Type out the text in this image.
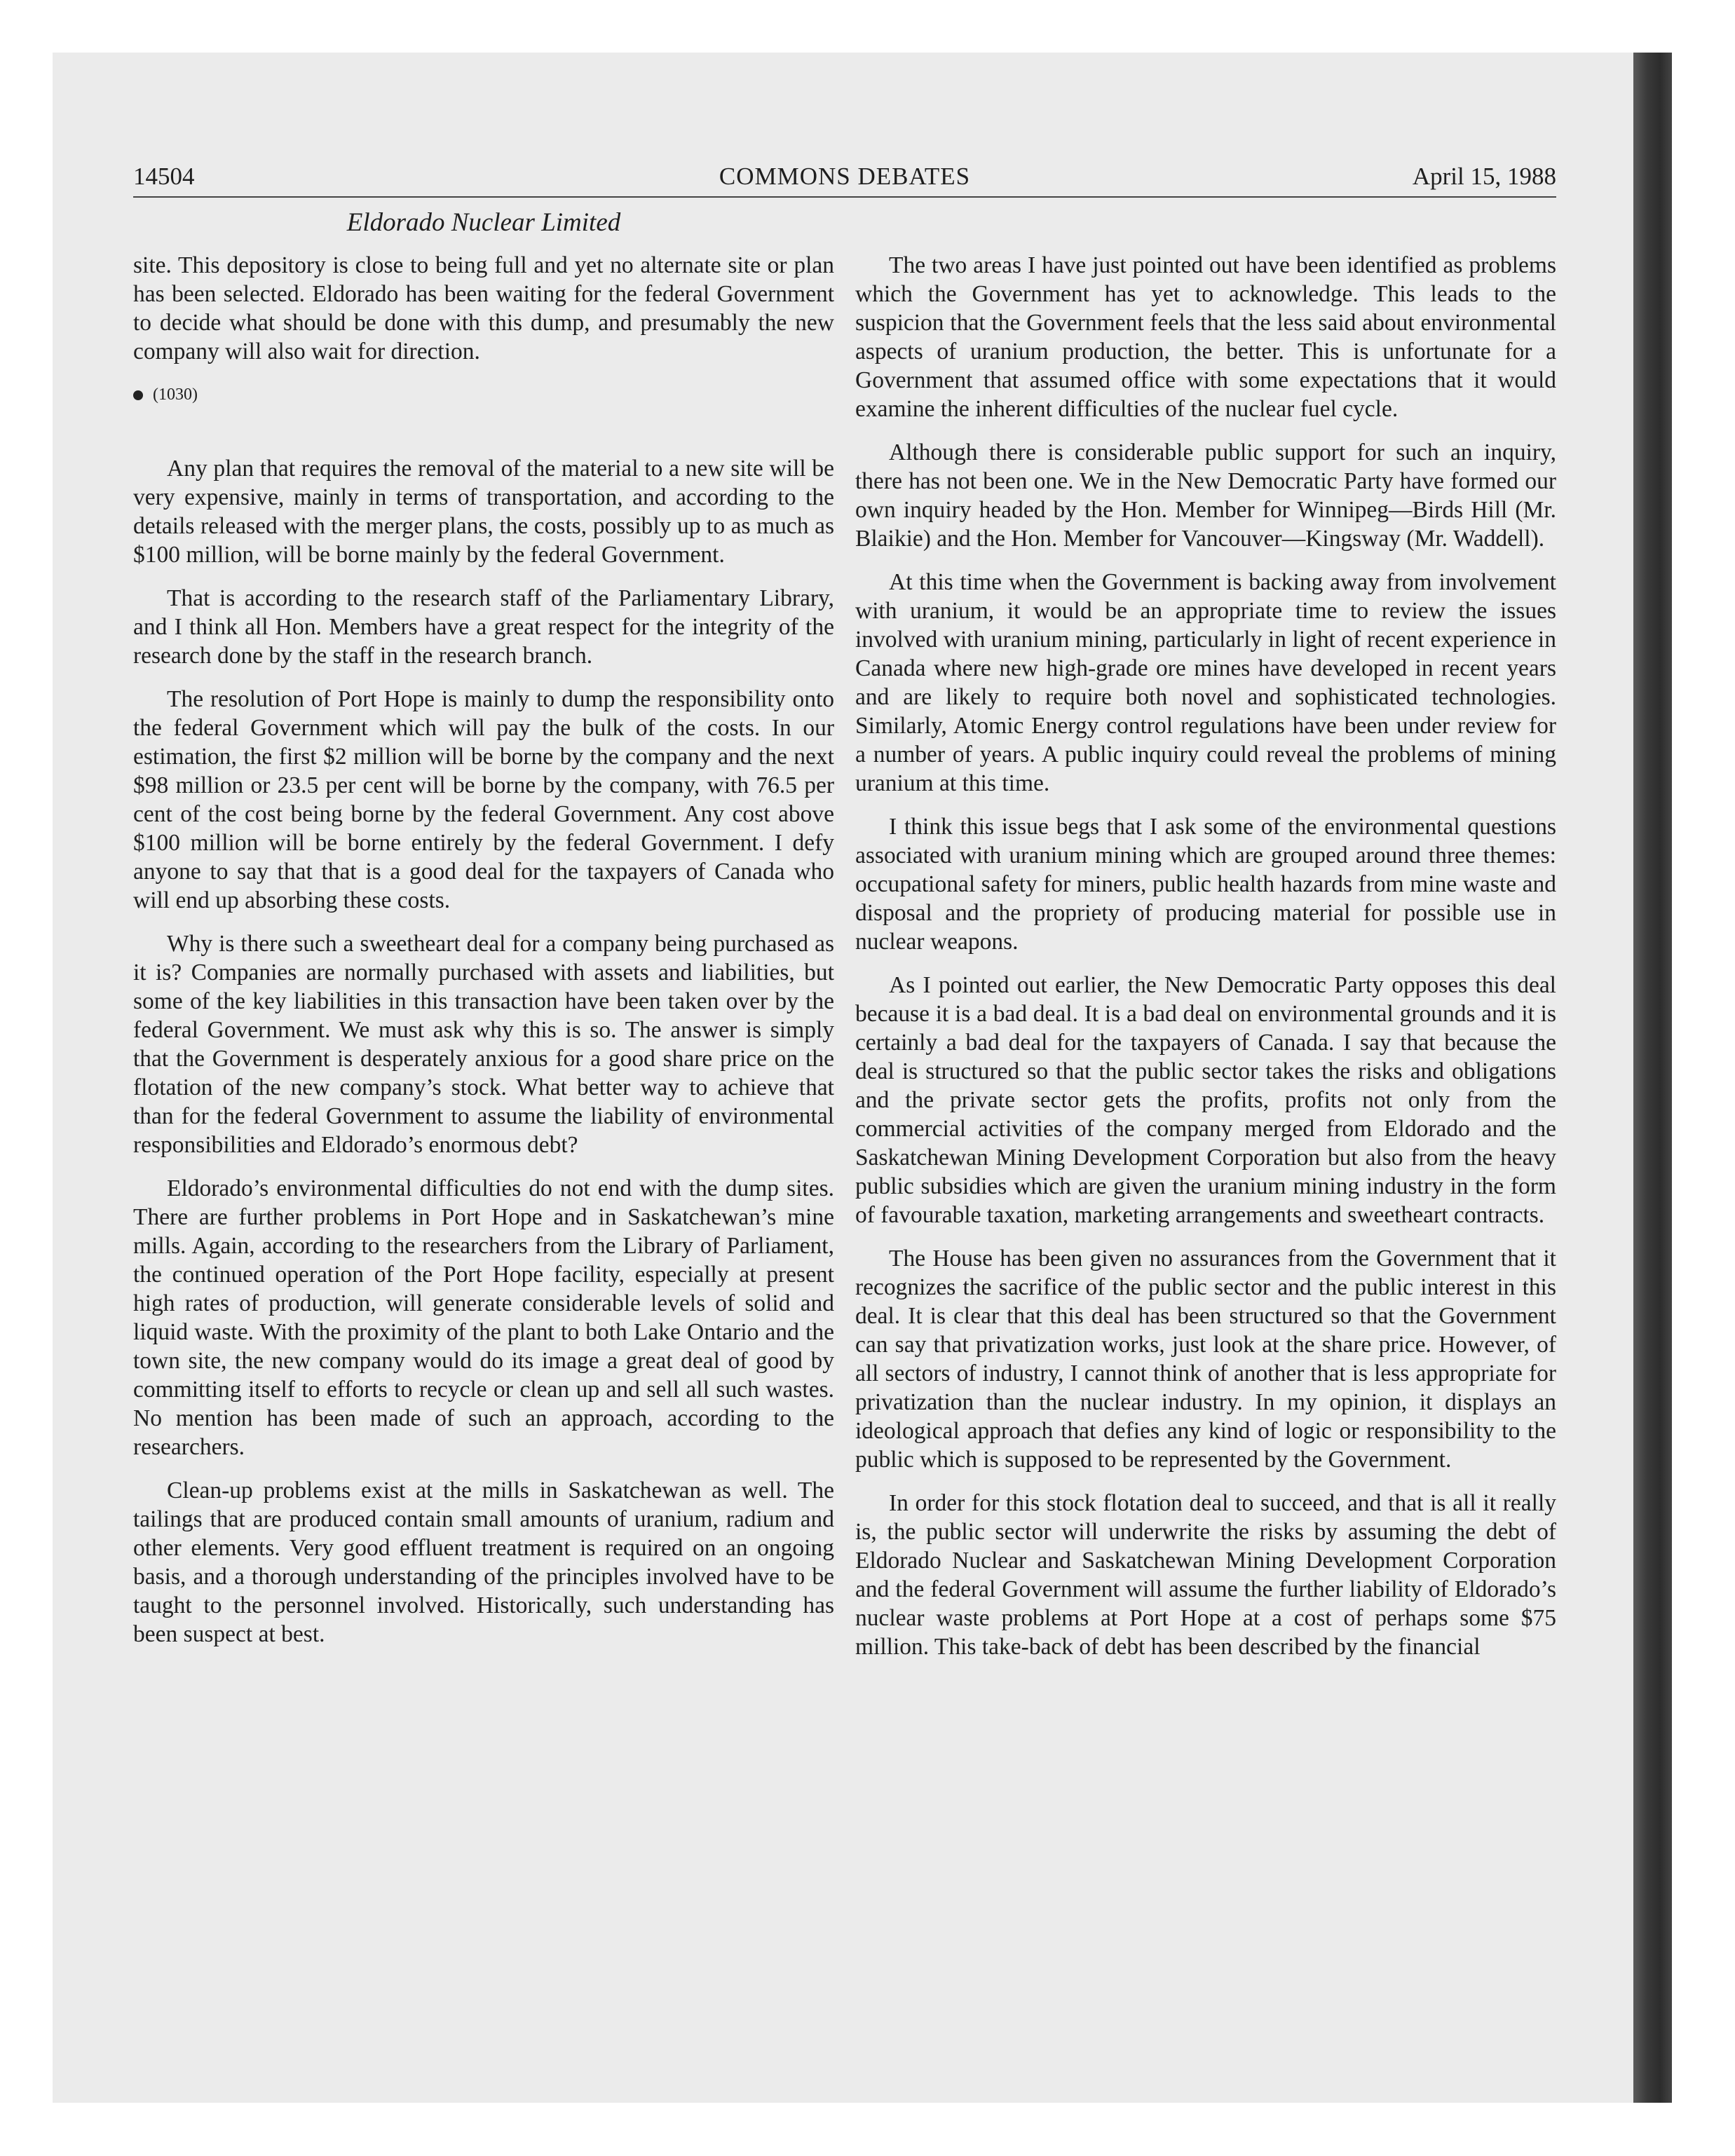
14504	COMMONS DEBATES	April 15, 1988
Eldorado Nuclear Limited

site. This depository is close to being full and yet no alternate site or plan has been selected. Eldorado has been waiting for the federal Government to decide what should be done with this dump, and presumably the new company will also wait for direction.

(1030)

Any plan that requires the removal of the material to a new site will be very expensive, mainly in terms of transportation, and according to the details released with the merger plans, the costs, possibly up to as much as $100 million, will be borne mainly by the federal Government.

That is according to the research staff of the Parliamentary Library, and I think all Hon. Members have a great respect for the integrity of the research done by the staff in the research branch.

The resolution of Port Hope is mainly to dump the responsibility onto the federal Government which will pay the bulk of the costs. In our estimation, the first $2 million will be borne by the company and the next $98 million or 23.5 per cent will be borne by the company, with 76.5 per cent of the cost being borne by the federal Government. Any cost above $100 million will be borne entirely by the federal Government. I defy anyone to say that that is a good deal for the taxpayers of Canada who will end up absorbing these costs.

Why is there such a sweetheart deal for a company being purchased as it is? Companies are normally purchased with assets and liabilities, but some of the key liabilities in this transaction have been taken over by the federal Government. We must ask why this is so. The answer is simply that the Government is desperately anxious for a good share price on the flotation of the new company’s stock. What better way to achieve that than for the federal Government to assume the liability of environmental responsibilities and Eldorado’s enormous debt?

Eldorado’s environmental difficulties do not end with the dump sites. There are further problems in Port Hope and in Saskatchewan’s mine mills. Again, according to the researchers from the Library of Parliament, the continued operation of the Port Hope facility, especially at present high rates of production, will generate considerable levels of solid and liquid waste. With the proximity of the plant to both Lake Ontario and the town site, the new company would do its image a great deal of good by committing itself to efforts to recycle or clean up and sell all such wastes. No mention has been made of such an approach, according to the researchers.

Clean-up problems exist at the mills in Saskatchewan as well. The tailings that are produced contain small amounts of uranium, radium and other elements. Very good effluent treatment is required on an ongoing basis, and a thorough understanding of the principles involved have to be taught to the personnel involved. Historically, such understanding has been suspect at best.

The two areas I have just pointed out have been identified as problems which the Government has yet to acknowledge. This leads to the suspicion that the Government feels that the less said about environmental aspects of uranium production, the better. This is unfortunate for a Government that assumed office with some expectations that it would examine the inherent difficulties of the nuclear fuel cycle.

Although there is considerable public support for such an inquiry, there has not been one. We in the New Democratic Party have formed our own inquiry headed by the Hon. Member for Winnipeg—Birds Hill (Mr. Blaikie) and the Hon. Member for Vancouver—Kingsway (Mr. Waddell).

At this time when the Government is backing away from involvement with uranium, it would be an appropriate time to review the issues involved with uranium mining, particularly in light of recent experience in Canada where new high-grade ore mines have developed in recent years and are likely to require both novel and sophisticated technologies. Similarly, Atomic Energy control regulations have been under review for a number of years. A public inquiry could reveal the problems of mining uranium at this time.

I think this issue begs that I ask some of the environmental questions associated with uranium mining which are grouped around three themes: occupational safety for miners, public health hazards from mine waste and disposal and the propriety of producing material for possible use in nuclear weapons.

As I pointed out earlier, the New Democratic Party opposes this deal because it is a bad deal. It is a bad deal on environmental grounds and it is certainly a bad deal for the taxpayers of Canada. I say that because the deal is structured so that the public sector takes the risks and obligations and the private sector gets the profits, profits not only from the commercial activities of the company merged from Eldorado and the Saskatchewan Mining Development Corporation but also from the heavy public subsidies which are given the uranium mining industry in the form of favourable taxation, marketing arrangements and sweetheart contracts.

The House has been given no assurances from the Government that it recognizes the sacrifice of the public sector and the public interest in this deal. It is clear that this deal has been structured so that the Government can say that privatization works, just look at the share price. However, of all sectors of industry, I cannot think of another that is less appropriate for privatization than the nuclear industry. In my opinion, it displays an ideological approach that defies any kind of logic or responsibility to the public which is supposed to be represented by the Government.

In order for this stock flotation deal to succeed, and that is all it really is, the public sector will underwrite the risks by assuming the debt of Eldorado Nuclear and Saskatchewan Mining Development Corporation and the federal Government will assume the further liability of Eldorado’s nuclear waste problems at Port Hope at a cost of perhaps some $75 million. This take-back of debt has been described by the financial
